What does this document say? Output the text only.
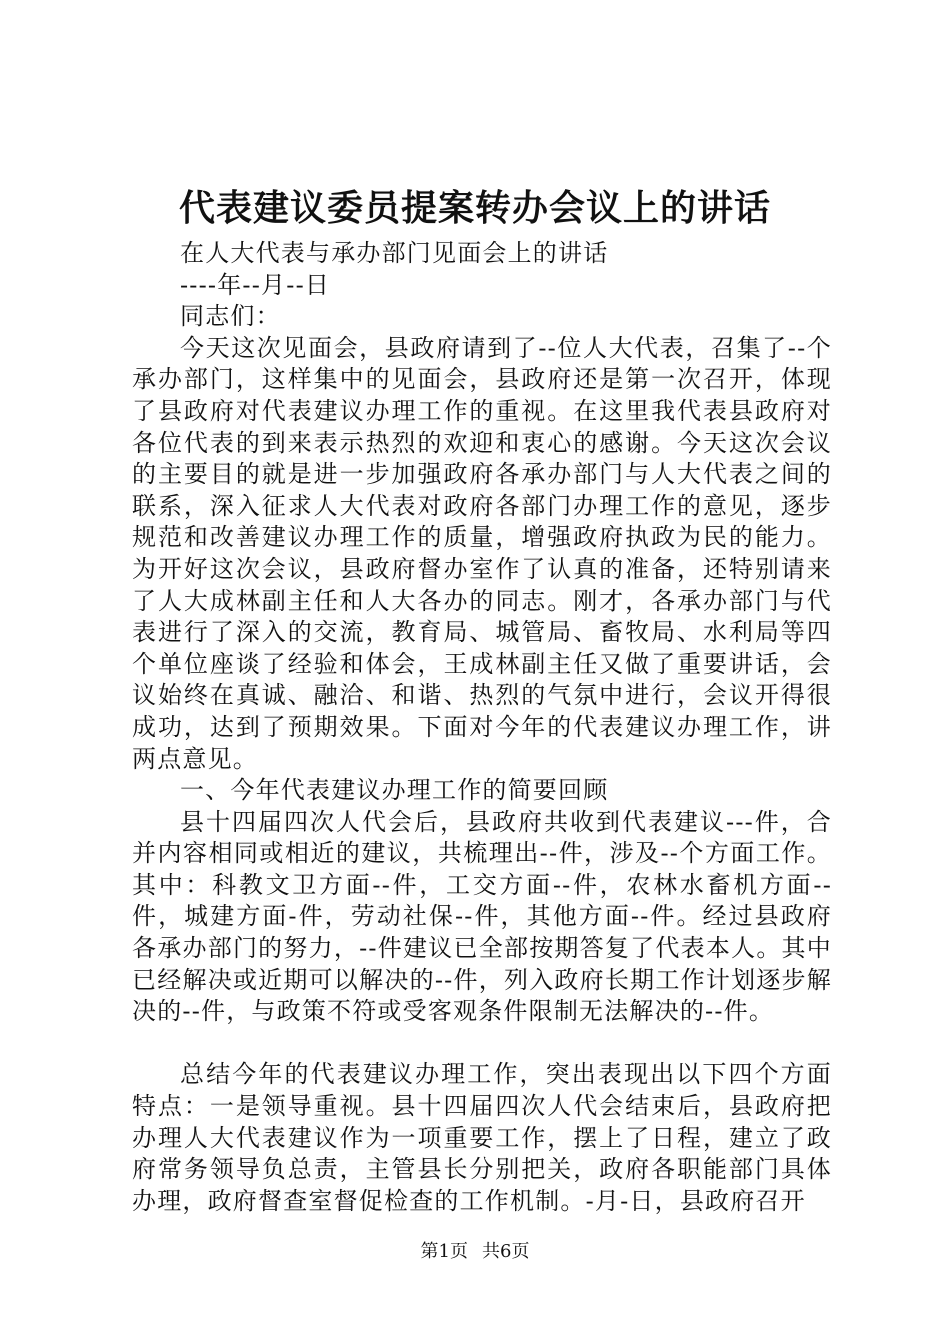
代表建议委员提案转办会议上的讲话

在人大代表与承办部门见面会上的讲话

----年--月--日

同志们：

今天这次见面会，县政府请到了--位人大代表，召集了--个承办部门，这样集中的见面会，县政府还是第一次召开，体现了县政府对代表建议办理工作的重视。在这里我代表县政府对各位代表的到来表示热烈的欢迎和衷心的感谢。今天这次会议的主要目的就是进一步加强政府各承办部门与人大代表之间的联系，深入征求人大代表对政府各部门办理工作的意见，逐步规范和改善建议办理工作的质量，增强政府执政为民的能力。为开好这次会议，县政府督办室作了认真的准备，还特别请来了人大成林副主任和人大各办的同志。刚才，各承办部门与代表进行了深入的交流，教育局、城管局、畜牧局、水利局等四个单位座谈了经验和体会，王成林副主任又做了重要讲话，会议始终在真诚、融洽、和谐、热烈的气氛中进行，会议开得很成功，达到了预期效果。下面对今年的代表建议办理工作，讲两点意见。

一、今年代表建议办理工作的简要回顾

县十四届四次人代会后，县政府共收到代表建议---件，合并内容相同或相近的建议，共梳理出--件，涉及--个方面工作。其中：科教文卫方面--件，工交方面--件，农林水畜机方面--件，城建方面-件，劳动社保--件，其他方面--件。经过县政府各承办部门的努力，--件建议已全部按期答复了代表本人。其中已经解决或近期可以解决的--件，列入政府长期工作计划逐步解决的--件，与政策不符或受客观条件限制无法解决的--件。

总结今年的代表建议办理工作，突出表现出以下四个方面特点：一是领导重视。县十四届四次人代会结束后，县政府把办理人大代表建议作为一项重要工作，摆上了日程，建立了政府常务领导负总责，主管县长分别把关，政府各职能部门具体办理，政府督查室督促检查的工作机制。-月-日，县政府召开

第1页 共6页
